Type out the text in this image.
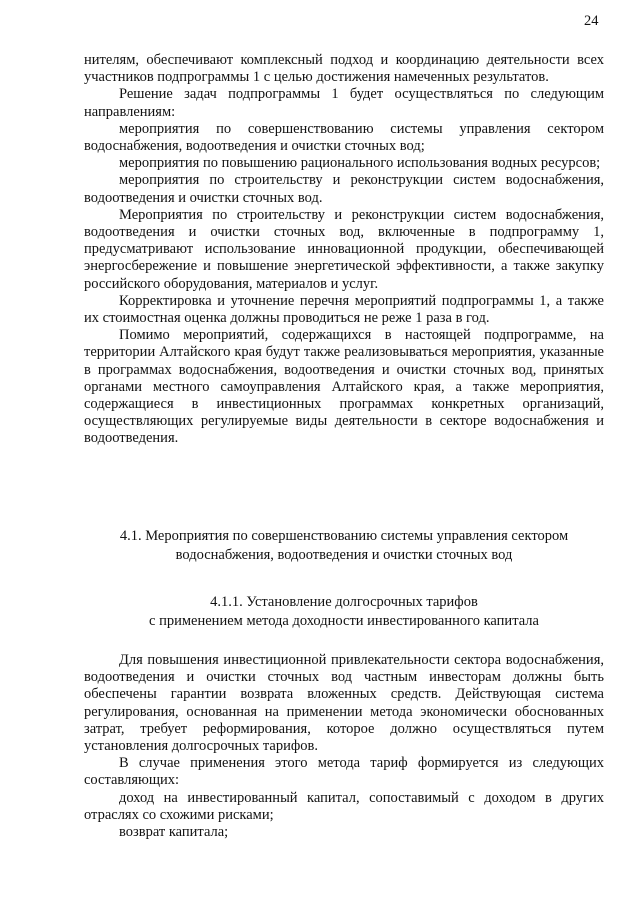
24

нителям, обеспечивают комплексный подход и координацию деятельности всех участников подпрограммы 1 с целью достижения намеченных результатов.

Решение задач подпрограммы 1 будет осуществляться по следующим направлениям:

мероприятия по совершенствованию системы управления сектором водоснабжения, водоотведения и очистки сточных вод;

мероприятия по повышению рационального использования водных ресурсов;

мероприятия по строительству и реконструкции систем водоснабжения, водоотведения и очистки сточных вод.

Мероприятия по строительству и реконструкции систем водоснабжения, водоотведения и очистки сточных вод, включенные в подпрограмму 1, предусматривают использование инновационной продукции, обеспечивающей энергосбережение и повышение энергетической эффективности, а также закупку российского оборудования, материалов и услуг.

Корректировка и уточнение перечня мероприятий подпрограммы 1, а также их стоимостная оценка должны проводиться не реже 1 раза в год.

Помимо мероприятий, содержащихся в настоящей подпрограмме, на территории Алтайского края будут также реализовываться мероприятия, указанные в программах водоснабжения, водоотведения и очистки сточных вод, принятых органами местного самоуправления Алтайского края, а также мероприятия, содержащиеся в инвестиционных программах конкретных организаций, осуществляющих регулируемые виды деятельности в секторе водоснабжения и водоотведения.

4.1. Мероприятия по совершенствованию системы управления сектором
водоснабжения, водоотведения и очистки сточных вод
4.1.1. Установление долгосрочных тарифов
с применением метода доходности инвестированного капитала

Для повышения инвестиционной привлекательности сектора водоснабжения, водоотведения и очистки сточных вод частным инвесторам должны быть обеспечены гарантии возврата вложенных средств. Действующая система регулирования, основанная на применении метода экономически обоснованных затрат, требует реформирования, которое должно осуществляться путем установления долгосрочных тарифов.

В случае применения этого метода тариф формируется из следующих составляющих:

доход на инвестированный капитал, сопоставимый с доходом в других отраслях со схожими рисками;

возврат капитала;
